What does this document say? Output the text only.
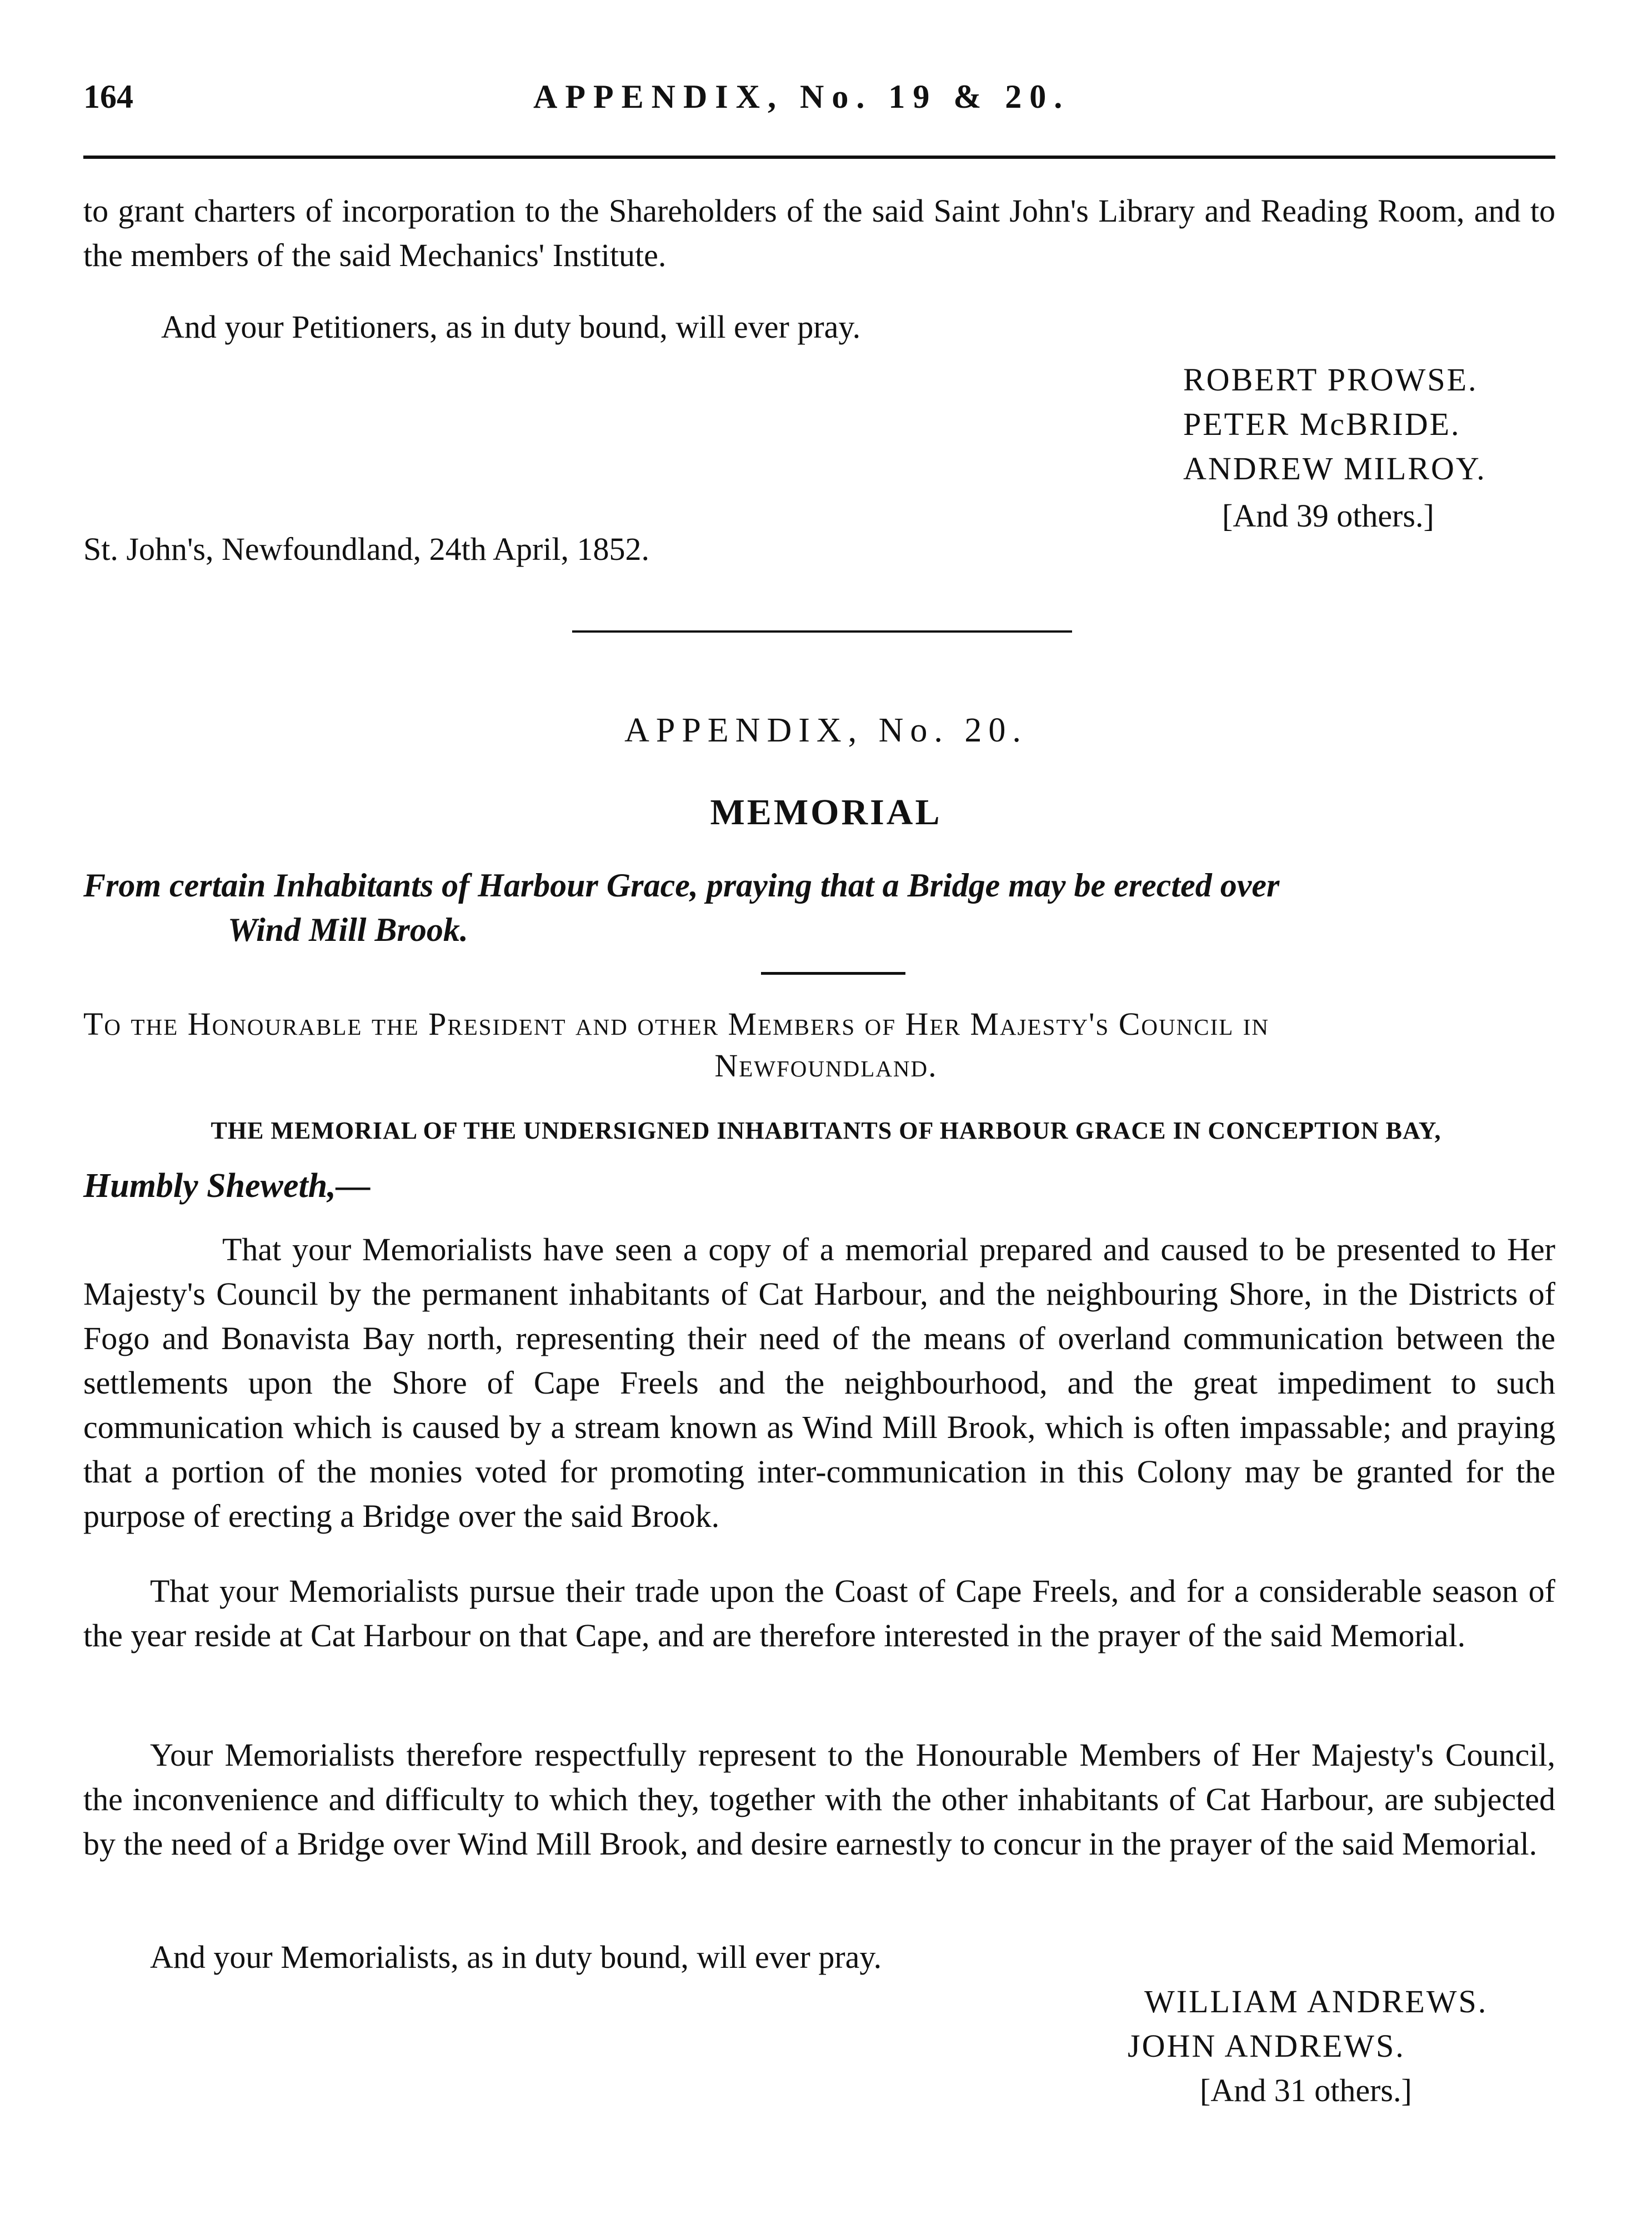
164	APPENDIX, No. 19 & 20.
to grant charters of incorporation to the Shareholders of the said Saint John's Library and Reading Room, and to the members of the said Mechanics' Institute.
And your Petitioners, as in duty bound, will ever pray.
ROBERT PROWSE.
PETER McBRIDE.
ANDREW MILROY.
[And 39 others.]
St. John's, Newfoundland, 24th April, 1852.
APPENDIX, No. 20.
MEMORIAL
From certain Inhabitants of Harbour Grace, praying that a Bridge may be erected over
Wind Mill Brook.
To the Honourable the President and other Members of Her Majesty's Council in
Newfoundland.
THE MEMORIAL OF THE UNDERSIGNED INHABITANTS OF HARBOUR GRACE IN CONCEPTION BAY,
Humbly Sheweth,—
That your Memorialists have seen a copy of a memorial prepared and caused to be presented to Her Majesty's Council by the permanent inhabitants of Cat Harbour, and the neighbouring Shore, in the Districts of Fogo and Bonavista Bay north, representing their need of the means of overland communication between the settlements upon the Shore of Cape Freels and the neighbourhood, and the great impediment to such communication which is caused by a stream known as Wind Mill Brook, which is often impassable; and praying that a portion of the monies voted for promoting inter-communication in this Colony may be granted for the purpose of erecting a Bridge over the said Brook.
That your Memorialists pursue their trade upon the Coast of Cape Freels, and for a considerable season of the year reside at Cat Harbour on that Cape, and are therefore interested in the prayer of the said Memorial.
Your Memorialists therefore respectfully represent to the Honourable Members of Her Majesty's Council, the inconvenience and difficulty to which they, together with the other inhabitants of Cat Harbour, are subjected by the need of a Bridge over Wind Mill Brook, and desire earnestly to concur in the prayer of the said Memorial.
And your Memorialists, as in duty bound, will ever pray.
WILLIAM ANDREWS.
JOHN ANDREWS.
[And 31 others.]
